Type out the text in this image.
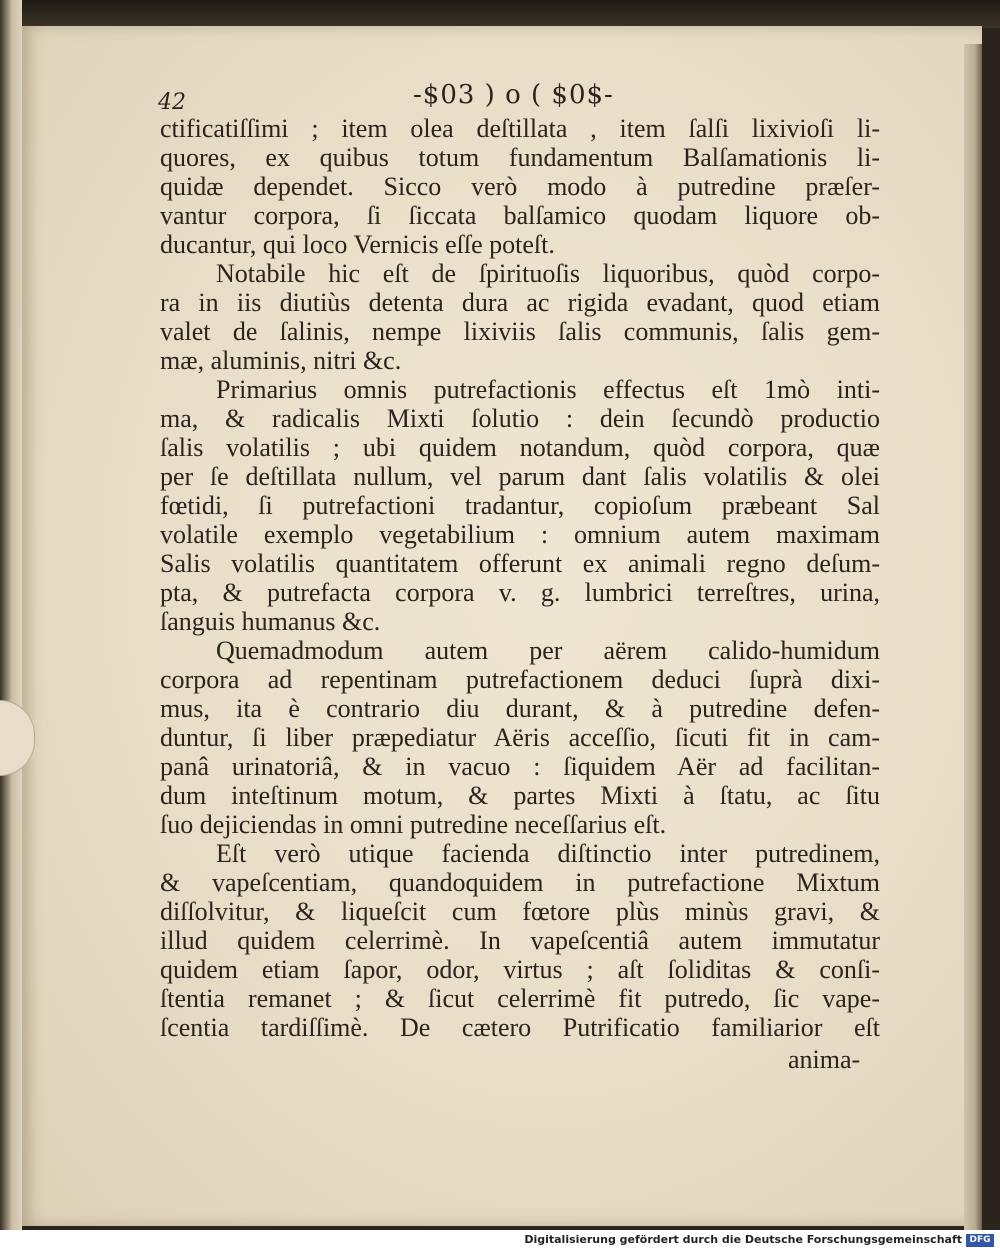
42	-$03 ) o ( $0$-
ctificatiſſimi ; item olea deſtillata , item ſalſi lixivioſi li-
quores, ex quibus totum fundamentum Balſamationis li-
quidæ dependet. Sicco verò modo à putredine præſer-
vantur corpora, ſi ſiccata balſamico quodam liquore ob-
ducantur, qui loco Vernicis eſſe poteſt.
Notabile hic eſt de ſpirituoſis liquoribus, quòd corpo-
ra in iis diutiùs detenta dura ac rigida evadant, quod etiam
valet de ſalinis, nempe lixiviis ſalis communis, ſalis gem-
mæ, aluminis, nitri &c.
Primarius omnis putrefactionis effectus eſt 1mò inti-
ma, & radicalis Mixti ſolutio : dein ſecundò productio
ſalis volatilis ; ubi quidem notandum, quòd corpora, quæ
per ſe deſtillata nullum, vel parum dant ſalis volatilis & olei
fœtidi, ſi putrefactioni tradantur, copioſum præbeant Sal
volatile exemplo vegetabilium : omnium autem maximam
Salis volatilis quantitatem offerunt ex animali regno deſum-
pta, & putrefacta corpora v. g. lumbrici terreſtres, urina,
ſanguis humanus &c.
Quemadmodum autem per aërem calido-humidum
corpora ad repentinam putrefactionem deduci ſuprà dixi-
mus, ita è contrario diu durant, & à putredine defen-
duntur, ſi liber præpediatur Aëris acceſſio, ſicuti fit in cam-
panâ urinatoriâ, & in vacuo : ſiquidem Aër ad facilitan-
dum inteſtinum motum, & partes Mixti à ſtatu, ac ſitu
ſuo dejiciendas in omni putredine neceſſarius eſt.
Eſt verò utique facienda diſtinctio inter putredinem,
& vapeſcentiam, quandoquidem in putrefactione Mixtum
diſſolvitur, & liqueſcit cum fœtore plùs minùs gravi, &
illud quidem celerrimè. In vapeſcentiâ autem immutatur
quidem etiam ſapor, odor, virtus ; aſt ſoliditas & conſi-
ſtentia remanet ; & ſicut celerrimè fit putredo, ſic vape-
ſcentia tardiſſimè. De cætero Putrificatio familiarior eſt
anima-
Digitalisierung gefördert durch die Deutsche Forschungsgemeinschaft DFG
